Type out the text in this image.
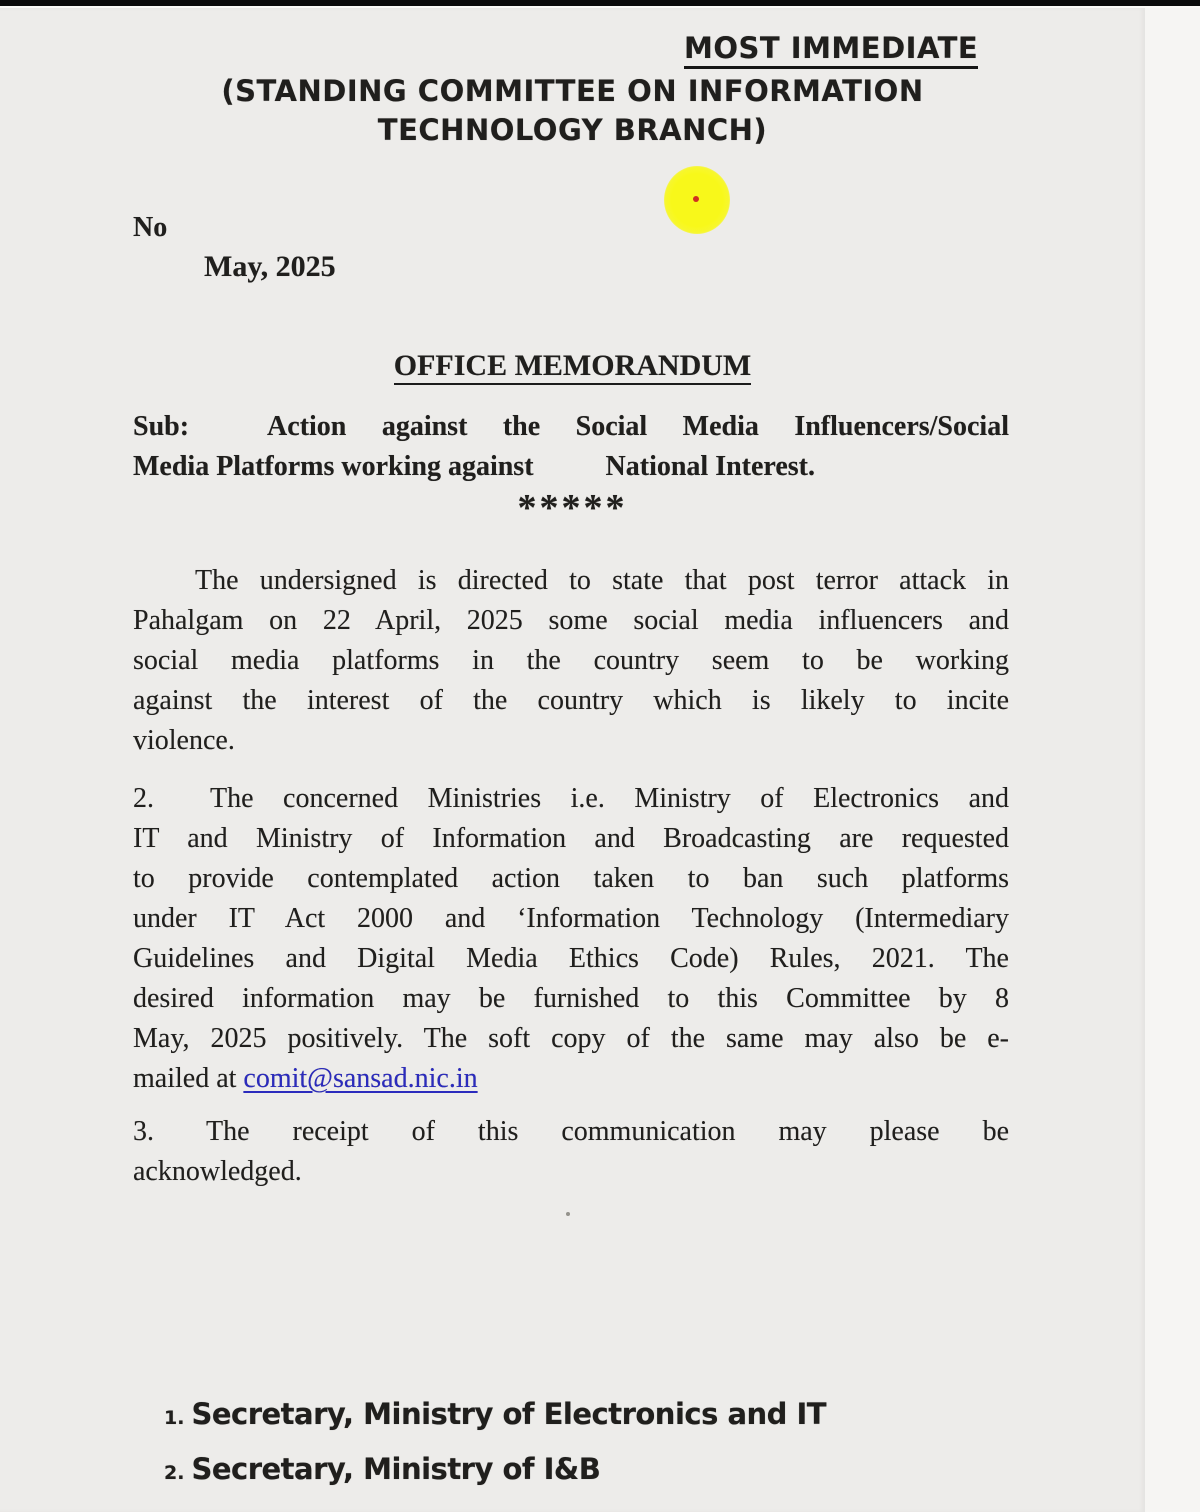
MOST IMMEDIATE
(STANDING COMMITTEE ON INFORMATION
TECHNOLOGY BRANCH)
No
May, 2025
OFFICE MEMORANDUM
Sub:	Action against the Social Media Influencers/Social
Media Platforms working against	National Interest.
*****
The undersigned is directed to state that post terror attack in
Pahalgam on 22 April, 2025 some social media influencers and
social media platforms in the country seem to be working
against the interest of the country which is likely to incite
violence.
2. The concerned Ministries i.e. Ministry of Electronics and
IT and Ministry of Information and Broadcasting are requested
to provide contemplated action taken to ban such platforms
under IT Act 2000 and ‘Information Technology (Intermediary
Guidelines and Digital Media Ethics Code) Rules, 2021. The
desired information may be furnished to this Committee by 8
May, 2025 positively. The soft copy of the same may also be e-
mailed at comit@sansad.nic.in
3. The receipt of this communication may please be
acknowledged.
1. Secretary, Ministry of Electronics and IT
2. Secretary, Ministry of I&B
